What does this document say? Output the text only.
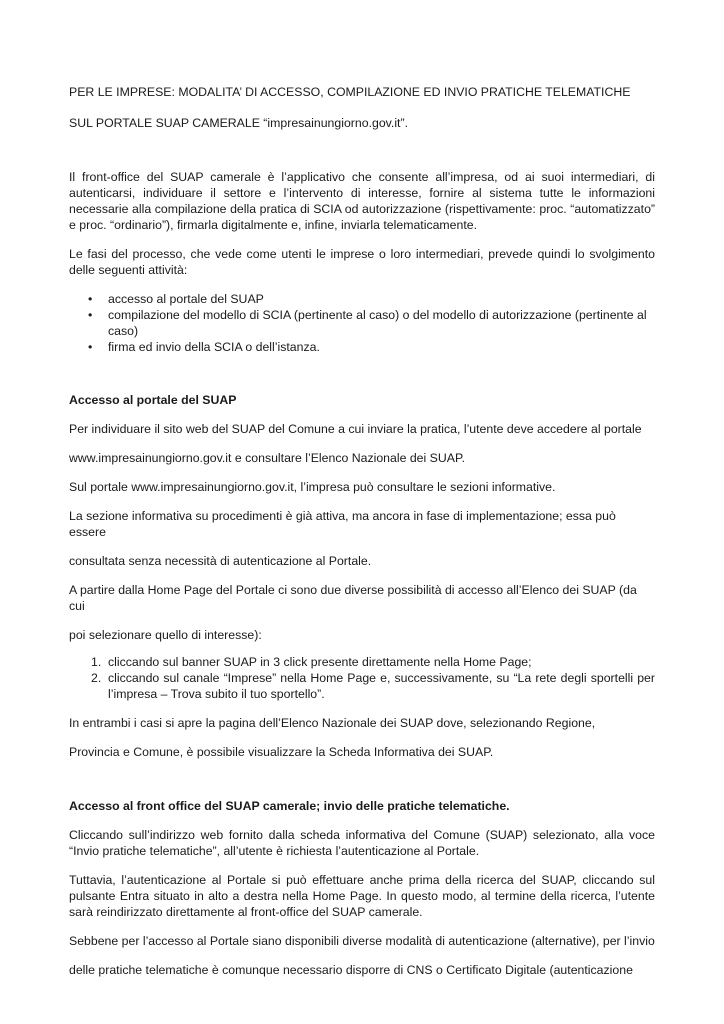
PER LE IMPRESE: MODALITA’ DI ACCESSO, COMPILAZIONE ED INVIO PRATICHE TELEMATICHE

SUL PORTALE SUAP CAMERALE “impresainungiorno.gov.it”.

Il front-office del SUAP camerale è l’applicativo che consente all’impresa, od ai suoi intermediari, di autenticarsi, individuare il settore e l’intervento di interesse, fornire al sistema tutte le informazioni necessarie alla compilazione della pratica di SCIA od autorizzazione (rispettivamente: proc. “automatizzato” e proc. “ordinario”), firmarla digitalmente e, infine, inviarla telematicamente.

Le fasi del processo, che vede come utenti le imprese o loro intermediari, prevede quindi lo svolgimento delle seguenti attività:

• accesso al portale del SUAP
• compilazione del modello di SCIA (pertinente al caso) o del modello di autorizzazione (pertinente al caso)
• firma ed invio della SCIA o dell’istanza.

Accesso al portale del SUAP

Per individuare il sito web del SUAP del Comune a cui inviare la pratica, l’utente deve accedere al portale

www.impresainungiorno.gov.it e consultare l’Elenco Nazionale dei SUAP.

Sul portale www.impresainungiorno.gov.it, l’impresa può consultare le sezioni informative.

La sezione informativa su procedimenti è già attiva, ma ancora in fase di implementazione; essa può essere

consultata senza necessità di autenticazione al Portale.

A partire dalla Home Page del Portale ci sono due diverse possibilità di accesso all’Elenco dei SUAP (da cui

poi selezionare quello di interesse):

1. cliccando sul banner SUAP in 3 click presente direttamente nella Home Page;
2. cliccando sul canale “Imprese” nella Home Page e, successivamente, su “La rete degli sportelli per l’impresa – Trova subito il tuo sportello”.

In entrambi i casi si apre la pagina dell’Elenco Nazionale dei SUAP dove, selezionando Regione,

Provincia e Comune, è possibile visualizzare la Scheda Informativa dei SUAP.

Accesso al front office del SUAP camerale; invio delle pratiche telematiche.

Cliccando sull’indirizzo web fornito dalla scheda informativa del Comune (SUAP) selezionato, alla voce “Invio pratiche telematiche”, all’utente è richiesta l’autenticazione al Portale.

Tuttavia, l’autenticazione al Portale si può effettuare anche prima della ricerca del SUAP, cliccando sul pulsante Entra situato in alto a destra nella Home Page. In questo modo, al termine della ricerca, l’utente sarà reindirizzato direttamente al front-office del SUAP camerale.

Sebbene per l’accesso al Portale siano disponibili diverse modalità di autenticazione (alternative), per l’invio

delle pratiche telematiche è comunque necessario disporre di CNS o Certificato Digitale (autenticazione
